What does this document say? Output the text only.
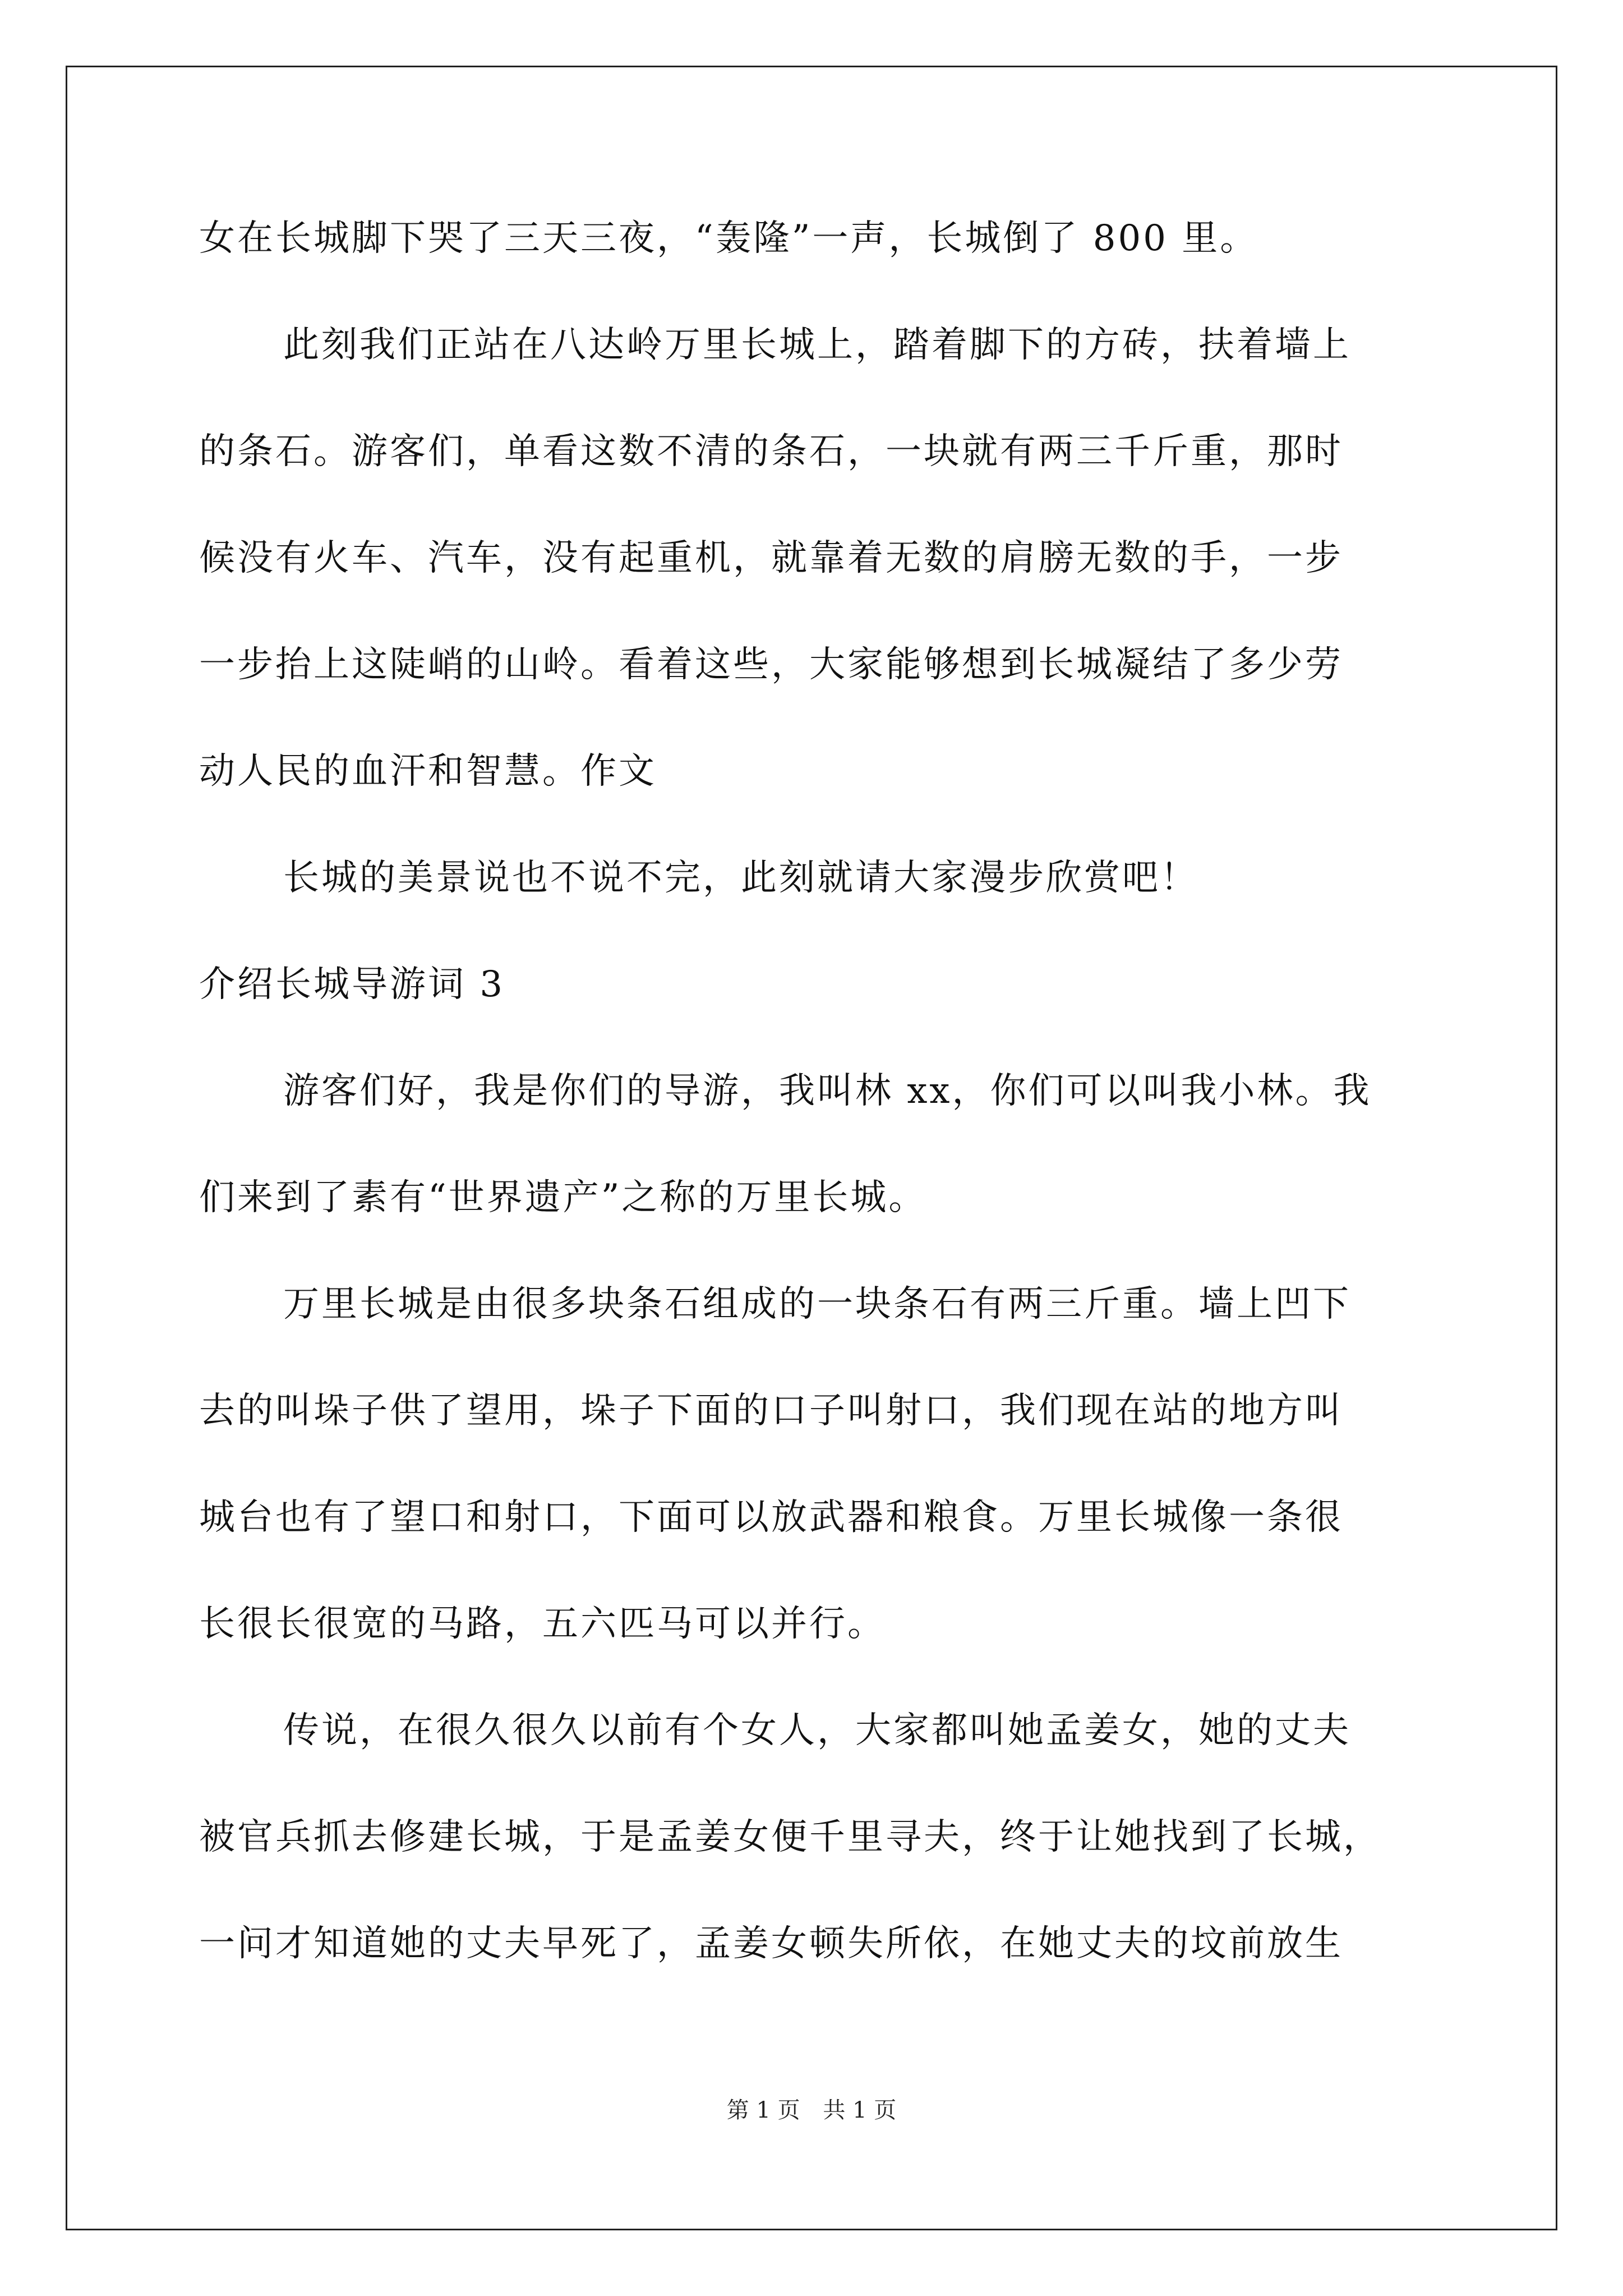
女在长城脚下哭了三天三夜，“轰隆”一声，长城倒了 800 里。
此刻我们正站在八达岭万里长城上，踏着脚下的方砖，扶着墙上
的条石。游客们，单看这数不清的条石，一块就有两三千斤重，那时
候没有火车、汽车，没有起重机，就靠着无数的肩膀无数的手，一步
一步抬上这陡峭的山岭。看着这些，大家能够想到长城凝结了多少劳
动人民的血汗和智慧。作文
长城的美景说也不说不完，此刻就请大家漫步欣赏吧！
介绍长城导游词 3
游客们好，我是你们的导游，我叫林 xx，你们可以叫我小林。我
们来到了素有“世界遗产”之称的万里长城。
万里长城是由很多块条石组成的一块条石有两三斤重。墙上凹下
去的叫垛子供了望用，垛子下面的口子叫射口，我们现在站的地方叫
城台也有了望口和射口，下面可以放武器和粮食。万里长城像一条很
长很长很宽的马路，五六匹马可以并行。
传说，在很久很久以前有个女人，大家都叫她孟姜女，她的丈夫
被官兵抓去修建长城，于是孟姜女便千里寻夫，终于让她找到了长城，
一问才知道她的丈夫早死了，孟姜女顿失所依，在她丈夫的坟前放生
第 1 页 共 1 页
